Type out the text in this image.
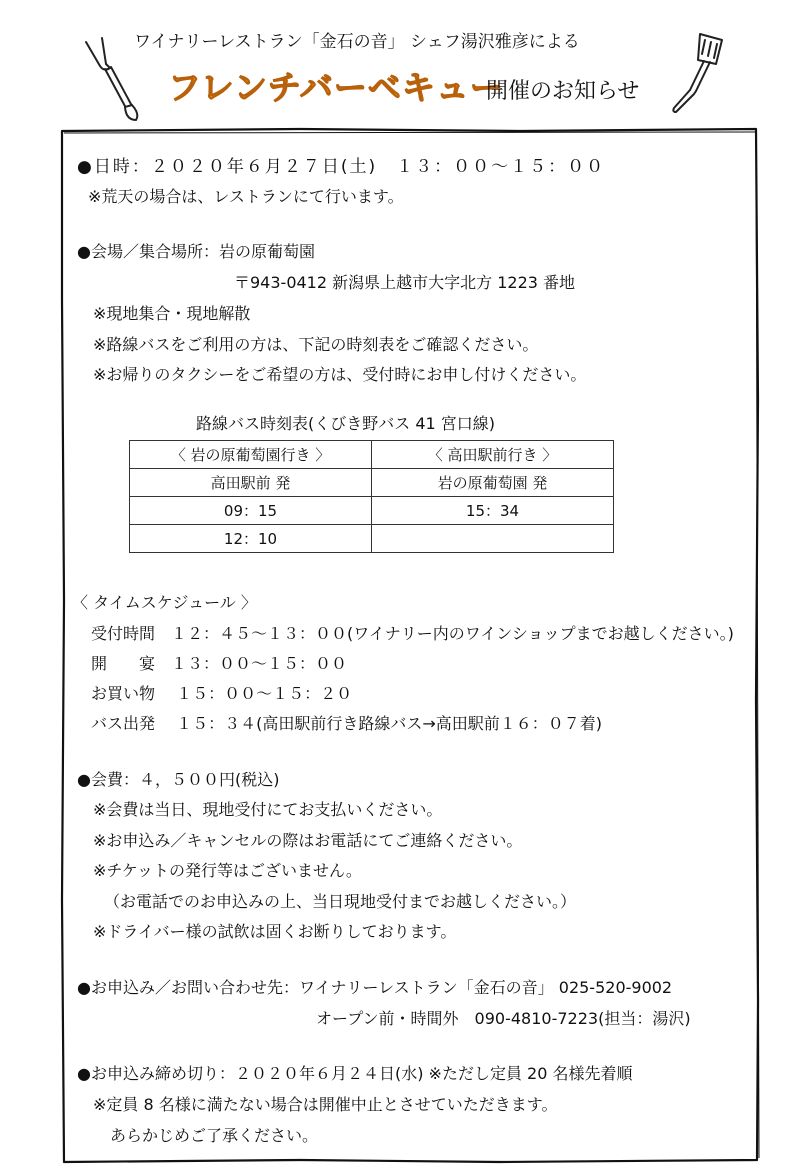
ワイナリーレストラン「金石の音」 シェフ湯沢雅彦による
フレンチバーベキュー
開催のお知らせ
●日時：２０２０年６月２７日(土)　１３：００～１５：００
※荒天の場合は、レストランにて行います。
●会場／集合場所：岩の原葡萄園
〒943-0412 新潟県上越市大字北方 1223 番地
※現地集合・現地解散
※路線バスをご利用の方は、下記の時刻表をご確認ください。
※お帰りのタクシーをご希望の方は、受付時にお申し付けください。
路線バス時刻表(くびき野バス 41 宮口線)
〈 岩の原葡萄園行き 〉	〈 高田駅前行き 〉
高田駅前 発	岩の原葡萄園 発
09：15	15：34
12：10	
〈 タイムスケジュール 〉
受付時間　１２：４５～１３：００(ワイナリー内のワインショップまでお越しください。)
開　　宴　１３：００～１５：００
お買い物　 １５：００～１５：２０
バス出発　 １５：３４(高田駅前行き路線バス→高田駅前１６：０７着)
●会費：４，５００円(税込)
※会費は当日、現地受付にてお支払いください。
※お申込み／キャンセルの際はお電話にてご連絡ください。
※チケットの発行等はございません。
（お電話でのお申込みの上、当日現地受付までお越しください。）
※ドライバー様の試飲は固くお断りしております。
●お申込み／お問い合わせ先：ワイナリーレストラン「金石の音」 025-520-9002
オープン前・時間外　090-4810-7223(担当：湯沢)
●お申込み締め切り：２０２０年６月２４日(水) ※ただし定員 20 名様先着順
※定員 8 名様に満たない場合は開催中止とさせていただきます。
あらかじめご了承ください。
